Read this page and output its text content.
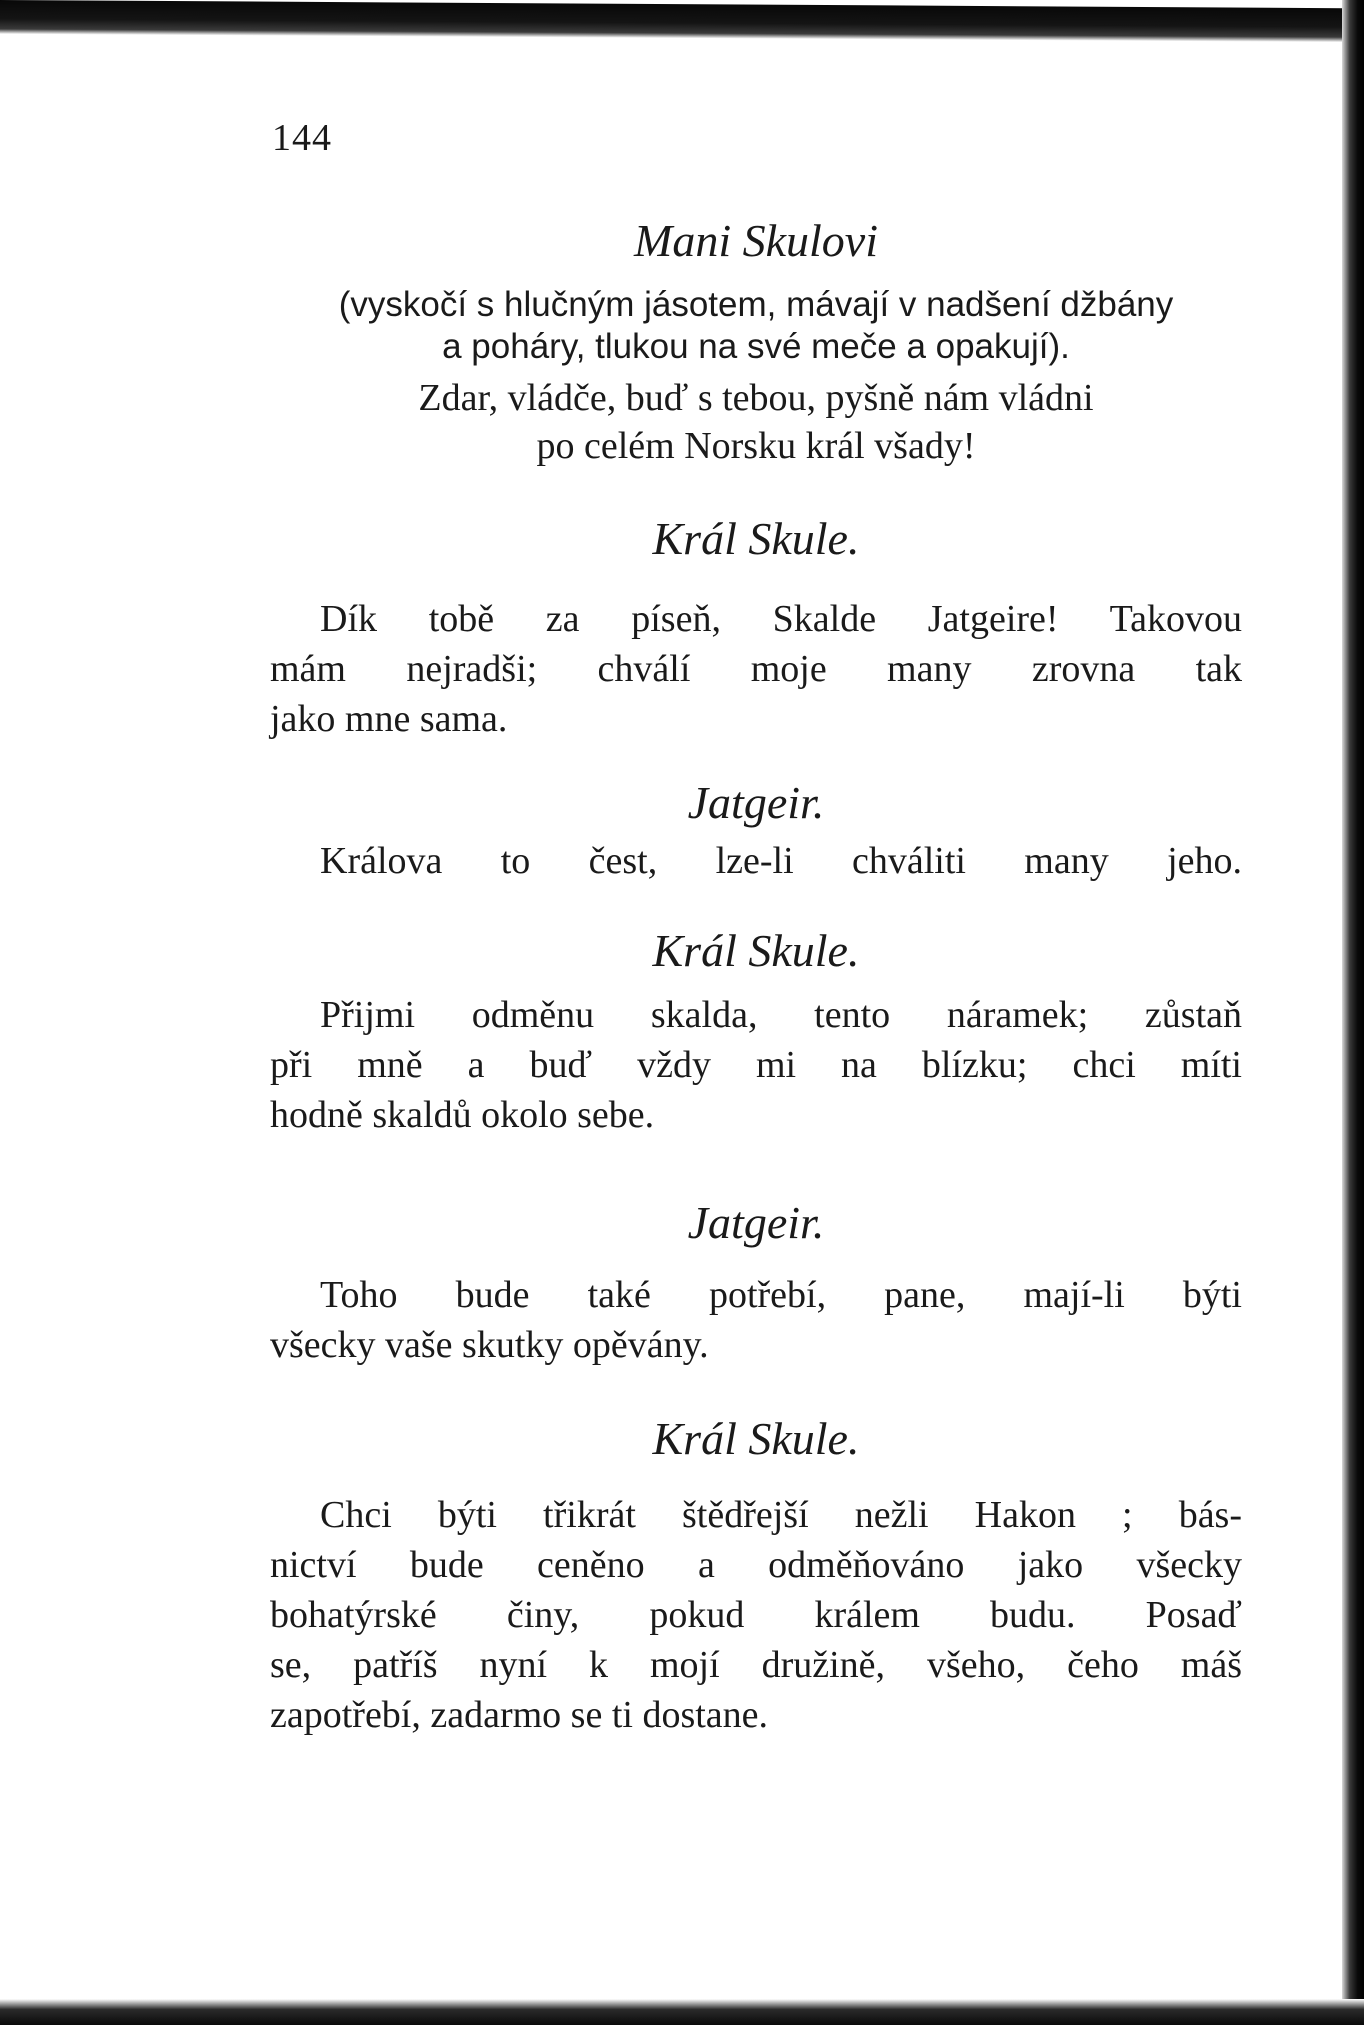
144
Mani Skulovi
(vyskočí s hlučným jásotem, mávají v nadšení džbány
a poháry, tlukou na své meče a opakují).
Zdar, vládče, buď s tebou, pyšně nám vládni
po celém Norsku král všady!
Král Skule.
Dík tobě za píseň, Skalde Jatgeire! Takovou
mám nejradši; chválí moje many zrovna tak
jako mne sama.
Jatgeir.
Králova to čest, lze-li chváliti many jeho.
Král Skule.
Přijmi odměnu skalda, tento náramek; zůstaň
při mně a buď vždy mi na blízku; chci míti
hodně skaldů okolo sebe.
Jatgeir.
Toho bude také potřebí, pane, mají-li býti
všecky vaše skutky opěvány.
Král Skule.
Chci býti třikrát štědřejší nežli Hakon ; bás-
nictví bude ceněno a odměňováno jako všecky
bohatýrské činy, pokud králem budu. Posaď
se, patříš nyní k mojí družině, všeho, čeho máš
zapotřebí, zadarmo se ti dostane.
